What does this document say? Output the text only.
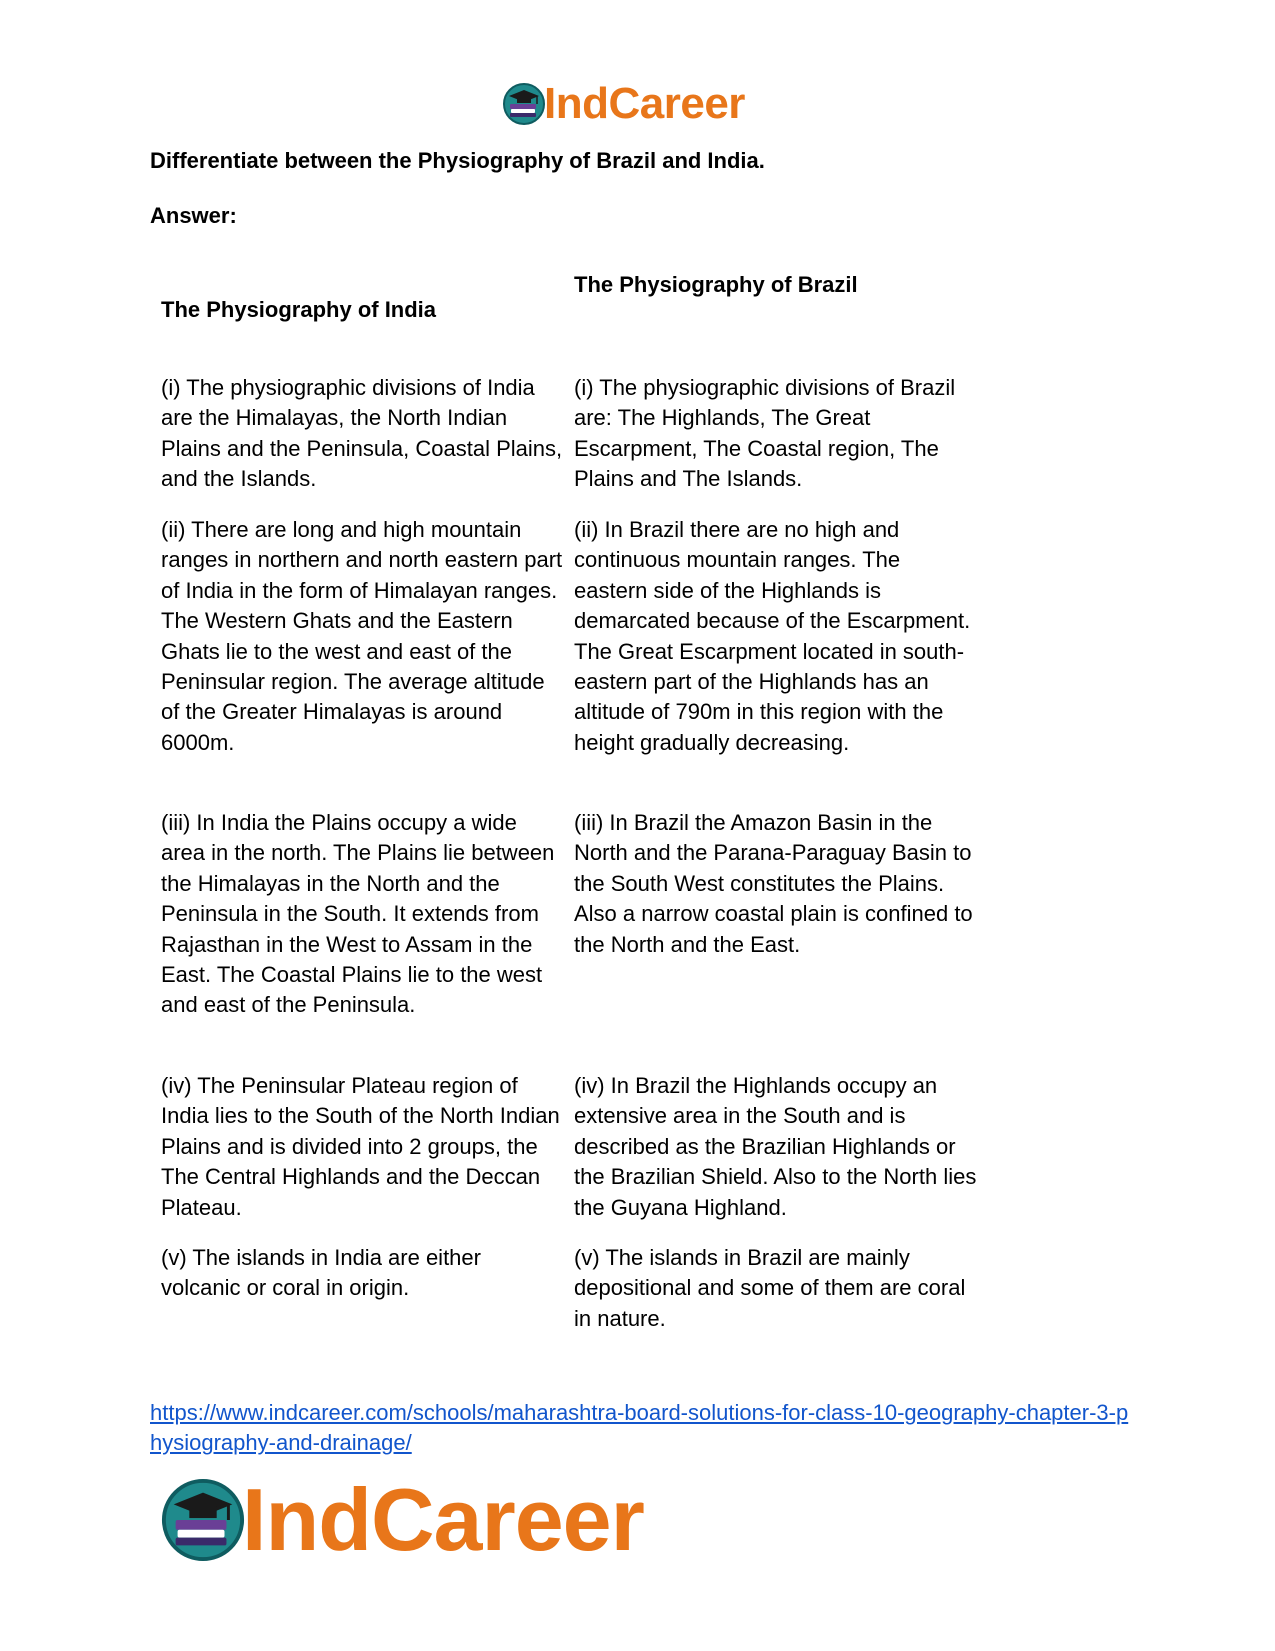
IndCareer
Differentiate between the Physiography of Brazil and India.
Answer:
The Physiography of India
The Physiography of Brazil

(i) The physiographic divisions of India are the Himalayas, the North Indian Plains and the Peninsula, Coastal Plains, and the Islands.

(i) The physiographic divisions of Brazil are: The Highlands, The Great Escarpment, The Coastal region, The Plains and The Islands.

(ii) There are long and high mountain ranges in northern and north eastern part of India in the form of Himalayan ranges. The Western Ghats and the Eastern Ghats lie to the west and east of the Peninsular region. The average altitude of the Greater Himalayas is around 6000m.

(ii) In Brazil there are no high and continuous mountain ranges. The eastern side of the Highlands is demarcated because of the Escarpment. The Great Escarpment located in south-eastern part of the Highlands has an altitude of 790m in this region with the height gradually decreasing.

(iii) In India the Plains occupy a wide area in the north. The Plains lie between the Himalayas in the North and the Peninsula in the South. It extends from Rajasthan in the West to Assam in the East. The Coastal Plains lie to the west and east of the Peninsula.

(iii) In Brazil the Amazon Basin in the North and the Parana-Paraguay Basin to the South West constitutes the Plains. Also a narrow coastal plain is confined to the North and the East.

(iv) The Peninsular Plateau region of India lies to the South of the North Indian Plains and is divided into 2 groups, the The Central Highlands and the Deccan Plateau.

(iv) In Brazil the Highlands occupy an extensive area in the South and is described as the Brazilian Highlands or the Brazilian Shield. Also to the North lies the Guyana Highland.

(v) The islands in India are either volcanic or coral in origin.

(v) The islands in Brazil are mainly depositional and some of them are coral in nature.

https://www.indcareer.com/schools/maharashtra-board-solutions-for-class-10-geography-chapter-3-physiography-and-drainage/
IndCareer
